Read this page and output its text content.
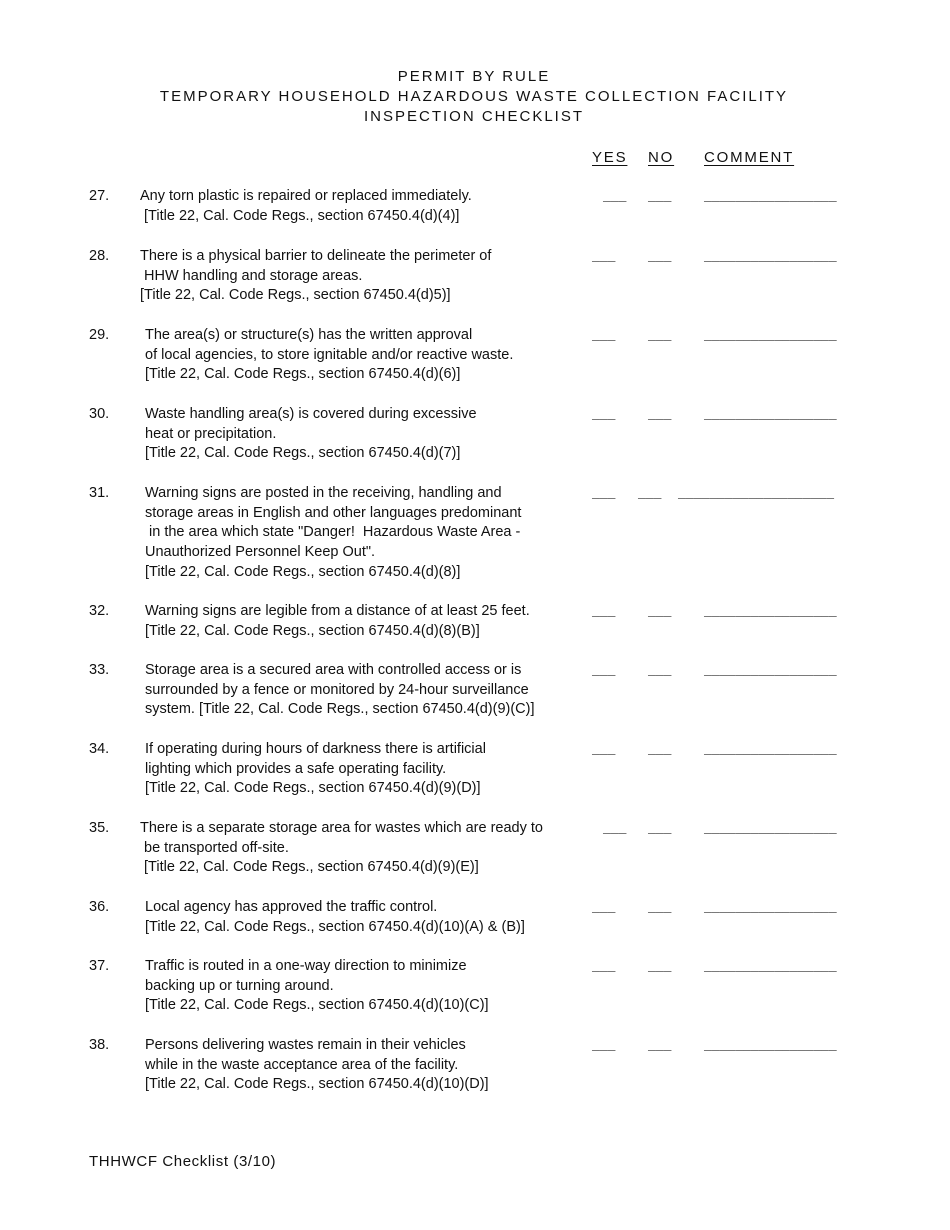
PERMIT BY RULE
TEMPORARY HOUSEHOLD HAZARDOUS WASTE COLLECTION FACILITY
INSPECTION CHECKLIST
YES NO COMMENT
27. Any torn plastic is repaired or replaced immediately.
[Title 22, Cal. Code Regs., section 67450.4(d)(4)]
___ ___	_________________
28. There is a physical barrier to delineate the perimeter of
HHW handling and storage areas.
[Title 22, Cal. Code Regs., section 67450.4(d)5)]
___	___	_________________
29. The area(s) or structure(s) has the written approval
of local agencies, to store ignitable and/or reactive waste.
[Title 22, Cal. Code Regs., section 67450.4(d)(6)]
___	___	_________________
30. Waste handling area(s) is covered during excessive
heat or precipitation.
[Title 22, Cal. Code Regs., section 67450.4(d)(7)]
___	___	_________________
31. Warning signs are posted in the receiving, handling and
storage areas in English and other languages predominant
in the area which state "Danger!  Hazardous Waste Area -
Unauthorized Personnel Keep Out".
[Title 22, Cal. Code Regs., section 67450.4(d)(8)]
___ ___ ____________________
32. Warning signs are legible from a distance of at least 25 feet.
[Title 22, Cal. Code Regs., section 67450.4(d)(8)(B)]
___	___	_________________
33. Storage area is a secured area with controlled access or is
surrounded by a fence or monitored by 24-hour surveillance
system. [Title 22, Cal. Code Regs., section 67450.4(d)(9)(C)]
___	___	_________________
34. If operating during hours of darkness there is artificial
lighting which provides a safe operating facility.
[Title 22, Cal. Code Regs., section 67450.4(d)(9)(D)]
___	___	_________________
35. There is a separate storage area for wastes which are ready to
be transported off-site.
[Title 22, Cal. Code Regs., section 67450.4(d)(9)(E)]
___ ___	_________________
36. Local agency has approved the traffic control.
[Title 22, Cal. Code Regs., section 67450.4(d)(10)(A) & (B)]
___	___	_________________
37. Traffic is routed in a one-way direction to minimize
backing up or turning around.
[Title 22, Cal. Code Regs., section 67450.4(d)(10)(C)]
___	___	_________________
38. Persons delivering wastes remain in their vehicles
while in the waste acceptance area of the facility.
[Title 22, Cal. Code Regs., section 67450.4(d)(10)(D)]
___	___	_________________
THHWCF Checklist (3/10)
